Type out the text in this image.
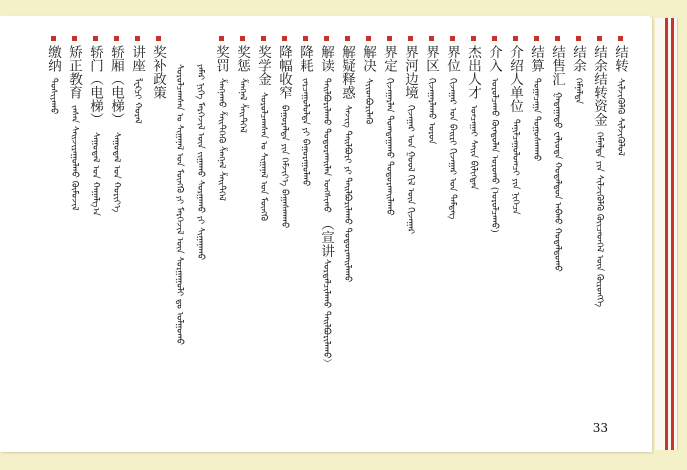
结转
ᠰᠢᠯᠵᠢᠭᠦᠯᠬᠦ ᠰᠢᠯᠵᠢᠭᠦᠯᠦᠯ
结余结转资金
ᠬᠡᠮᠨᠡᠯᠲᠡ ᠶᠢᠨ ᠰᠢᠯᠵᠢᠭᠦᠯᠬᠦ ᠭᠦᠢᠴᠡᠳᠭᠡᠯ ᠦᠨ ᠬᠥᠷᠥᠩᠭᠡ
结余
ᠬᠡᠮᠨᠡᠯᠲᠡ
结售汇
ᠭᠠᠳᠠᠭᠠᠳᠤ ᠸᠠᠯᠢᠦᠲᠠ ᠬᠤᠳᠠᠯᠳᠤᠨ ᠠᠪᠬᠤ ᠬᠤᠳᠠᠯᠳᠤᠬᠤ
结算
ᠲᠣᠭᠠᠴᠠᠭᠠ ᠳᠤᠭᠤᠰᠬᠠᠬᠤ
介绍人单位
ᠲᠠᠨᠢᠯᠴᠠᠭᠤᠯᠤᠭᠴᠢ ᠶᠢᠨ ᠨᠢᠭᠡᠴᠡ
介入
ᠣᠷᠣᠯᠴᠠᠬᠤ ᠬᠥᠨᠳᠦᠯᠡᠨ ᠣᠷᠣᠬᠤ (ᠣᠷᠣᠯᠴᠠᠬᠤ)
杰出人才
ᠣᠨᠴᠠᠭᠠᠢ ᠰᠠᠢᠨ ᠪᠢᠯᠢᠭᠲᠡᠨ
界位
ᠬᠢᠵᠠᠭᠠᠷ ᠤᠨ ᠪᠠᠢᠷᠢ ᠬᠢᠵᠠᠭᠠᠷ ᠤᠨ ᠲᠡᠮᠳᠡᠭ
界区
ᠬᠢᠵᠠᠭᠠᠷᠯᠠᠬᠤ ᠣᠷᠣᠨ
界河边境
ᠬᠢᠵᠠᠭᠠᠷ ᠤᠨ ᠭᠣᠣᠯ ᠬᠢᠯ ᠦᠨ ᠬᠢᠵᠠᠭᠠᠷ
界定
ᠬᠢᠵᠠᠭᠠᠷᠯᠠᠨ ᠲᠣᠭᠲᠠᠭᠠᠬᠤ ᠲᠣᠳᠤᠷᠬᠠᠢᠯᠠᠬᠤ
解决
ᠰᠢᠢᠳᠪᠦᠷᠢᠯᠡᠬᠦ
解疑释惑
ᠰᠡᠵᠢᠭ ᠲᠠᠢᠯᠪᠤᠷᠢ ᠶᠢ ᠲᠠᠢᠯᠪᠤᠷᠢᠯᠠᠬᠤ ᠲᠣᠳᠤᠷᠬᠠᠢᠯᠠᠬᠤ
解读
ᠲᠠᠢᠯᠪᠤᠷᠢᠯᠠᠬᠤ ᠲᠣᠳᠤᠷᠬᠠᠢᠯᠠᠨ ᠤᠩᠰᠢᠬᠤ
（宣讲
ᠰᠤᠷᠲᠠᠯᠴᠢᠯᠠᠬᠤ ᠲᠠᠢᠯᠪᠤᠷᠢᠯᠠᠬᠤ）
降耗
ᠵᠠᠷᠴᠠᠭᠤᠯᠤᠯᠲᠠ ᠶᠢ ᠪᠠᠭᠤᠷᠠᠭᠤᠯᠬᠤ
降幅收窄
ᠪᠠᠭᠤᠷᠠᠯᠲᠠ ᠶᠢᠨ ᠬᠡᠮᠵᠢᠶ᠎ᠡ ᠪᠠᠭᠠᠰᠬᠠᠬᠤ
奖学金
ᠰᠤᠷᠤᠯᠴᠠᠭᠰᠠᠨ ᠤ ᠰᠢᠭᠠᠨᠠᠯ ᠤᠨ ᠮᠥᠩᠭᠦ
奖惩
ᠱᠠᠩᠨᠠᠯ ᠱᠡᠢᠲᠭᠡᠯ
奖罚
ᠱᠠᠩᠨᠠᠬᠤ ᠱᠡᠢᠲᠭᠡᠬᠦ ᠱᠠᠩᠨᠠᠯ ᠱᠡᠢᠲᠭᠡᠯ
ᠶᠠᠮᠠᠷ ᠨᠢᠭᠡ ᠮᠡᠷᠭᠡᠵᠢᠯ ᠦᠨ ᠵᠢᠭᠠᠬᠤ ᠰᠤᠷᠭᠠᠬᠤ ᠶᠢ ᠰᠢᠭᠠᠨᠠᠬᠤ
ᠰᠤᠷᠤᠯᠴᠠᠭᠰᠠᠨ ᠤ ᠰᠢᠭᠠᠨᠠᠯ ᠤᠨ ᠮᠥᠩᠭᠦ ᠶᠢ ᠮᠡᠷᠭᠡᠵᠢᠯ ᠦᠨ ᠰᠤᠷᠭᠠᠭᠤᠯᠢ ᠳᠤ ᠣᠯᠭᠣᠬᠤ
奖补政策
讲座
ᠯᠧᠺᠴᠢ ᠬᠤᠷᠠᠯ
轿厢（电梯）
ᠰᠠᠭᠤᠳᠠᠯ ᠤᠨ ᠬᠤᠷᠢᠶ᠎ᠡ
轿门（电梯）
ᠰᠠᠭᠤᠳᠠᠯ ᠤᠨ ᠬᠠᠭᠠᠯᠭ᠎ᠠ
矫正教育
ᠵᠠᠰᠠᠨ ᠰᠠᠢᠵᠢᠷᠠᠭᠤᠯᠬᠤ ᠬᠦᠮᠦᠵᠢᠯ
缴纳
ᠲᠤᠰᠢᠶᠠᠬᠤ
33
